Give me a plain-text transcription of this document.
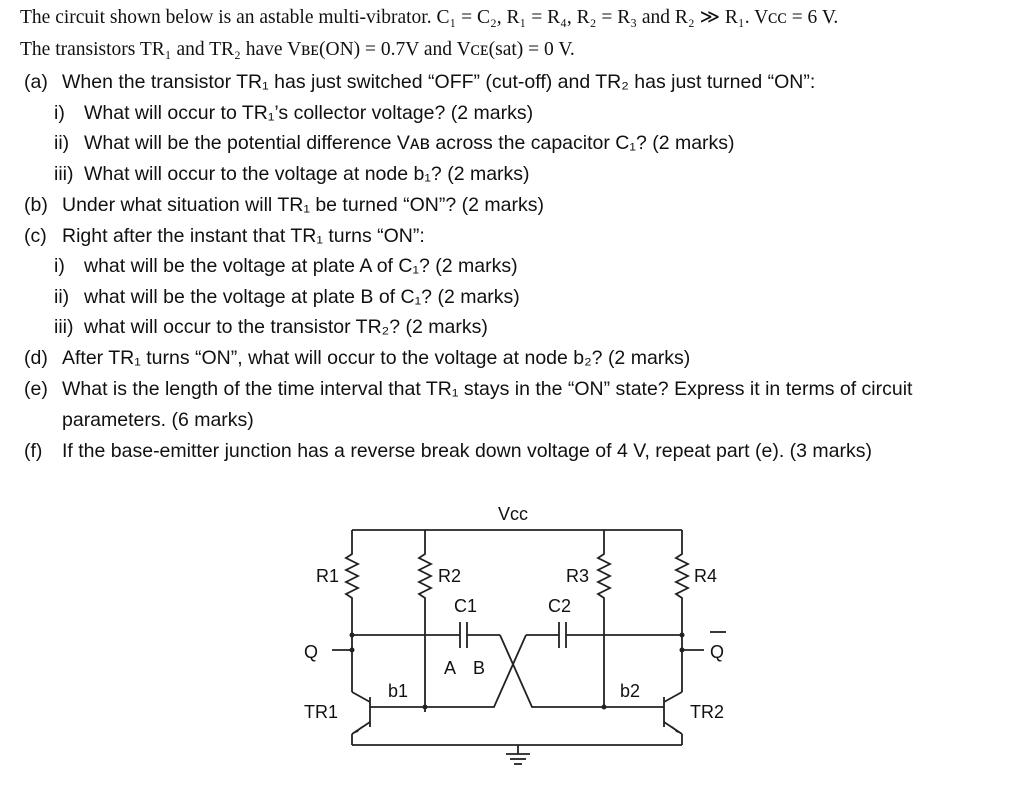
The circuit shown below is an astable multi-vibrator. C₁ = C₂, R₁ = R₄, R₂ = R₃ and R₂ ≫ R₁. Vᴄᴄ = 6 V.
The transistors TR₁ and TR₂ have Vʙᴇ(ON) = 0.7V and Vᴄᴇ(sat) = 0 V.
(a) When the transistor TR₁ has just switched “OFF” (cut-off) and TR₂ has just turned “ON”:
i) What will occur to TR₁’s collector voltage? (2 marks)
ii) What will be the potential difference Vᴀʙ across the capacitor C₁? (2 marks)
iii) What will occur to the voltage at node b₁? (2 marks)
(b) Under what situation will TR₁ be turned “ON”? (2 marks)
(c) Right after the instant that TR₁ turns “ON”:
i) what will be the voltage at plate A of C₁? (2 marks)
ii) what will be the voltage at plate B of C₁? (2 marks)
iii) what will occur to the transistor TR₂? (2 marks)
(d) After TR₁ turns “ON”, what will occur to the voltage at node b₂? (2 marks)
(e) What is the length of the time interval that TR₁ stays in the “ON” state? Express it in terms of circuit
parameters. (6 marks)
(f) If the base-emitter junction has a reverse break down voltage of 4 V, repeat part (e). (3 marks)
Vcc
R1	R2	R3	R4
Q
C1
A B
C2
Q
TR1
b1
TR2
b2
